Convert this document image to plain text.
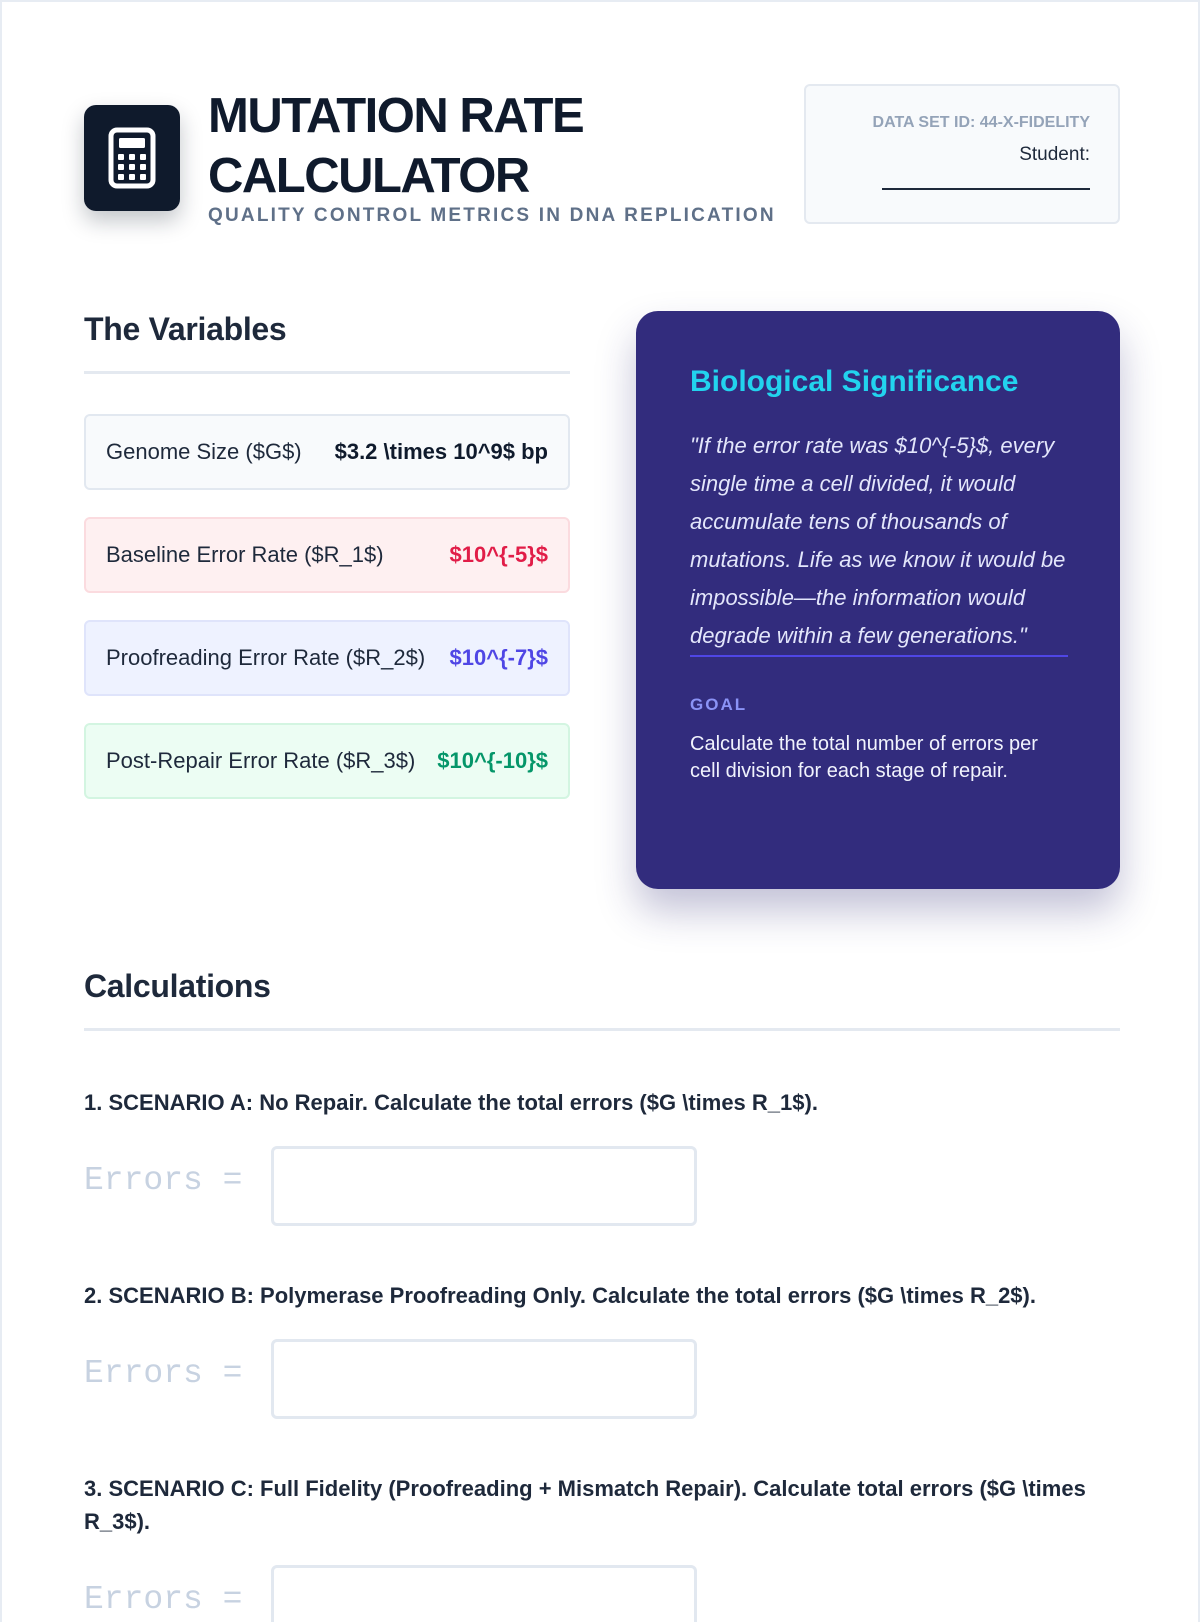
MUTATION RATE CALCULATOR
QUALITY CONTROL METRICS IN DNA REPLICATION
DATA SET ID: 44-X-FIDELITY
Student:
The Variables
Genome Size ($G$) $3.2 \times 10^9$ bp
Baseline Error Rate ($R_1$)	$10^{-5}$
Proofreading Error Rate ($R_2$) $10^{-7}$
Post-Repair Error Rate ($R_3$) $10^{-10}$
Biological Significance

"If the error rate was $10^{-5}$, every single time a cell divided, it would accumulate tens of thousands of mutations. Life as we know it would be impossible—the information would degrade within a few generations."

GOAL

Calculate the total number of errors per cell division for each stage of repair.

Calculations
1. SCENARIO A: No Repair. Calculate the total errors ($G \times R_1$).
Errors =
2. SCENARIO B: Polymerase Proofreading Only. Calculate the total errors ($G \times R_2$).
Errors =
3. SCENARIO C: Full Fidelity (Proofreading + Mismatch Repair). Calculate total errors ($G \times R_3$).
Errors =
